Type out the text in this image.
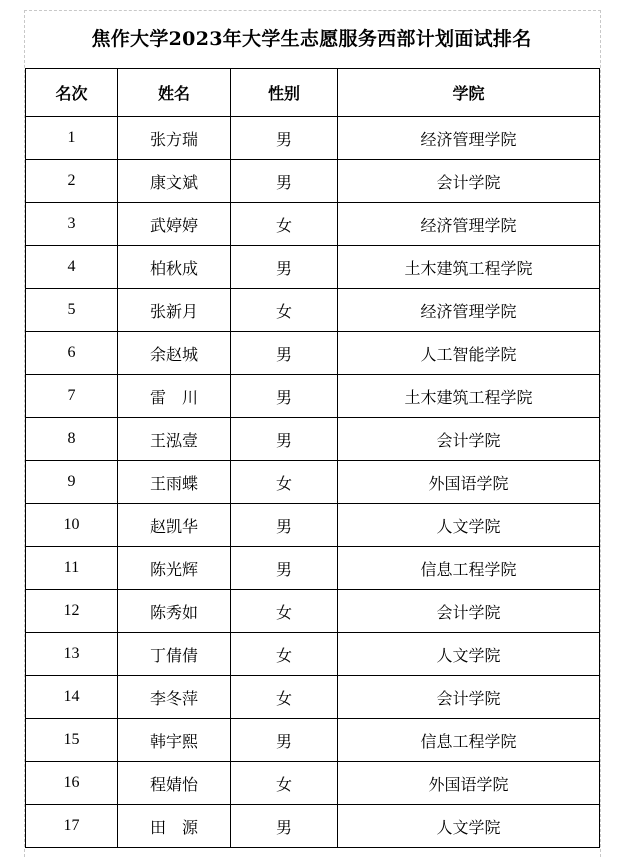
焦作大学2023年大学生志愿服务西部计划面试排名
名次	姓名	性别	学院
1	张方瑞	男	经济管理学院
2	康文斌	男	会计学院
3	武婷婷	女	经济管理学院
4	柏秋成	男	土木建筑工程学院
5	张新月	女	经济管理学院
6	余赵城	男	人工智能学院
7	雷　川	男	土木建筑工程学院
8	王泓壹	男	会计学院
9	王雨蝶	女	外国语学院
10	赵凯华	男	人文学院
11	陈光辉	男	信息工程学院
12	陈秀如	女	会计学院
13	丁倩倩	女	人文学院
14	李冬萍	女	会计学院
15	韩宇熙	男	信息工程学院
16	程婧怡	女	外国语学院
17	田　源	男	人文学院
